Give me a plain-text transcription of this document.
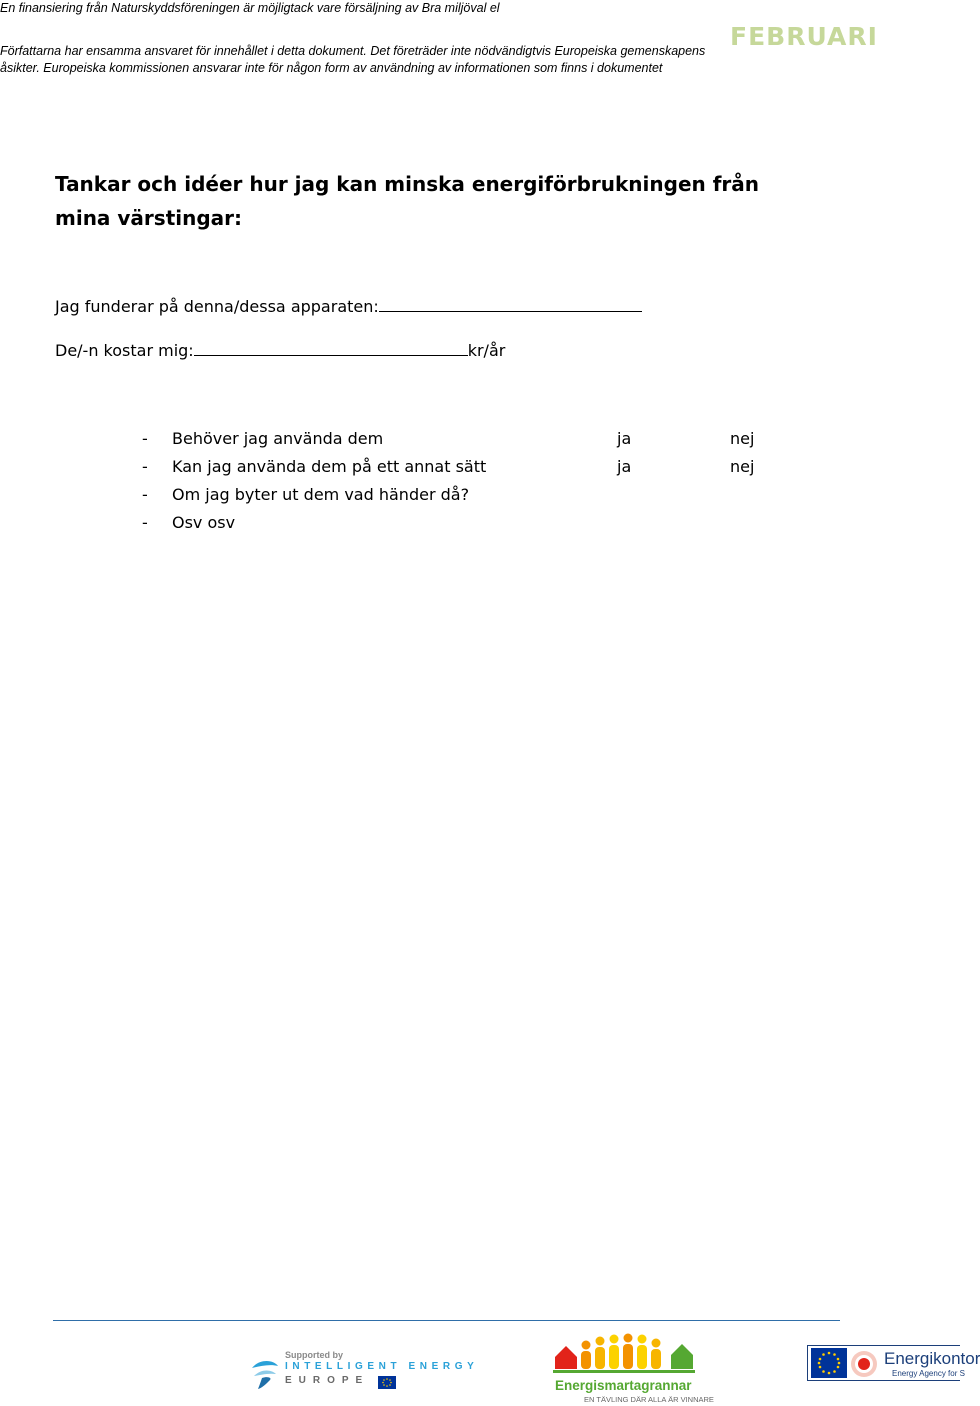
En finansiering från Naturskyddsföreningen är möjligtack vare försäljning av Bra miljöval el
Författarna har ensamma ansvaret för innehållet i detta dokument. Det företräder inte nödvändigtvis Europeiska gemenskapens
åsikter. Europeiska kommissionen ansvarar inte för någon form av användning av informationen som finns i dokumentet
FEBRUARI
Tankar och idéer hur jag kan minska energiförbrukningen från mina värstingar:
Jag funderar på denna/dessa apparaten:
De/-n kostar mig:	kr/år
- Behöver jag använda dem	ja	nej
- Kan jag använda dem på ett annat sätt	ja	nej
- Om jag byter ut dem vad händer då?
- Osv osv
Supported by
INTELLIGENT ENERGY
EUROPE	Energismartagrannar
EN TÄVLING DÄR ALLA ÄR VINNARE
Energikontor
Energy Agency for S
